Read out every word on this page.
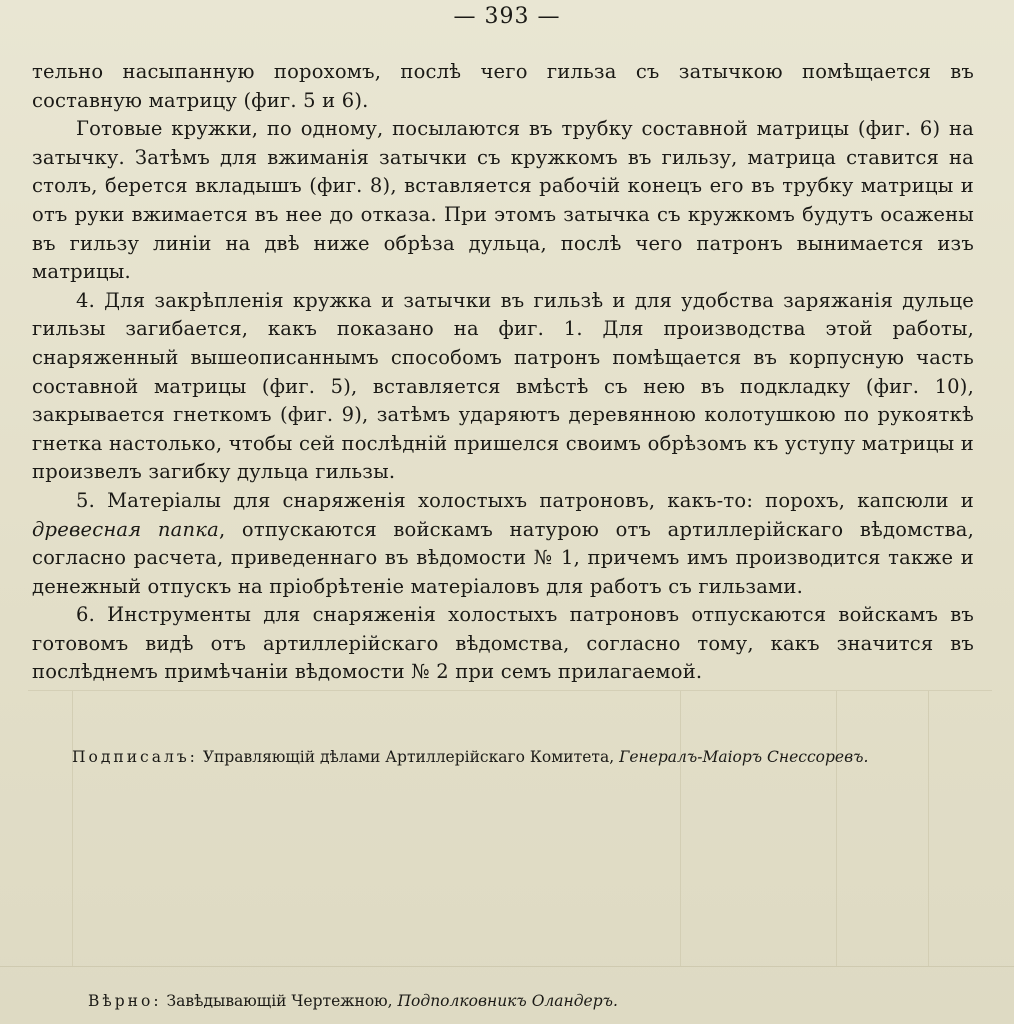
— 393 —

тельно насыпанную порохомъ, послѣ чего гильза съ затычкою помѣщается въ составную матрицу (фиг. 5 и 6).

Готовые кружки, по одному, посылаются въ трубку составной матрицы (фиг. 6) на затычку. Затѣмъ для вжиманія затычки съ кружкомъ въ гильзу, матрица ставится на столъ, берется вкладышъ (фиг. 8), вставляется рабочій конецъ его въ трубку матрицы и отъ руки вжимается въ нее до отказа. При этомъ затычка съ кружкомъ будутъ осажены въ гильзу линіи на двѣ ниже обрѣза дульца, послѣ чего патронъ вынимается изъ матрицы.

4. Для закрѣпленія кружка и затычки въ гильзѣ и для удобства заряжанія дульце гильзы загибается, какъ показано на фиг. 1. Для производства этой работы, снаряженный вышеописаннымъ способомъ патронъ помѣщается въ корпусную часть составной матрицы (фиг. 5), вставляется вмѣстѣ съ нею въ подкладку (фиг. 10), закрывается гнеткомъ (фиг. 9), затѣмъ ударяютъ деревянною колотушкою по рукояткѣ гнетка настолько, чтобы сей послѣдній пришелся своимъ обрѣзомъ къ уступу матрицы и произвелъ загибку дульца гильзы.

5. Матеріалы для снаряженія холостыхъ патроновъ, какъ-то: порохъ, капсюли и древесная папка, отпускаются войскамъ натурою отъ артиллерійскаго вѣдомства, согласно расчета, приведеннаго въ вѣдомости № 1, причемъ имъ производится также и денежный отпускъ на пріобрѣтеніе матеріаловъ для работъ съ гильзами.

6. Инструменты для снаряженія холостыхъ патроновъ отпускаются войскамъ въ готовомъ видѣ отъ артиллерійскаго вѣдомства, согласно тому, какъ значится въ послѣднемъ примѣчаніи вѣдомости № 2 при семъ прилагаемой.

Подписалъ: Управляющій дѣлами Артиллерійскаго Комитета, Генералъ-Маіоръ Снессоревъ.
Вѣрно: Завѣдывающій Чертежною, Подполковникъ Оландеръ.
